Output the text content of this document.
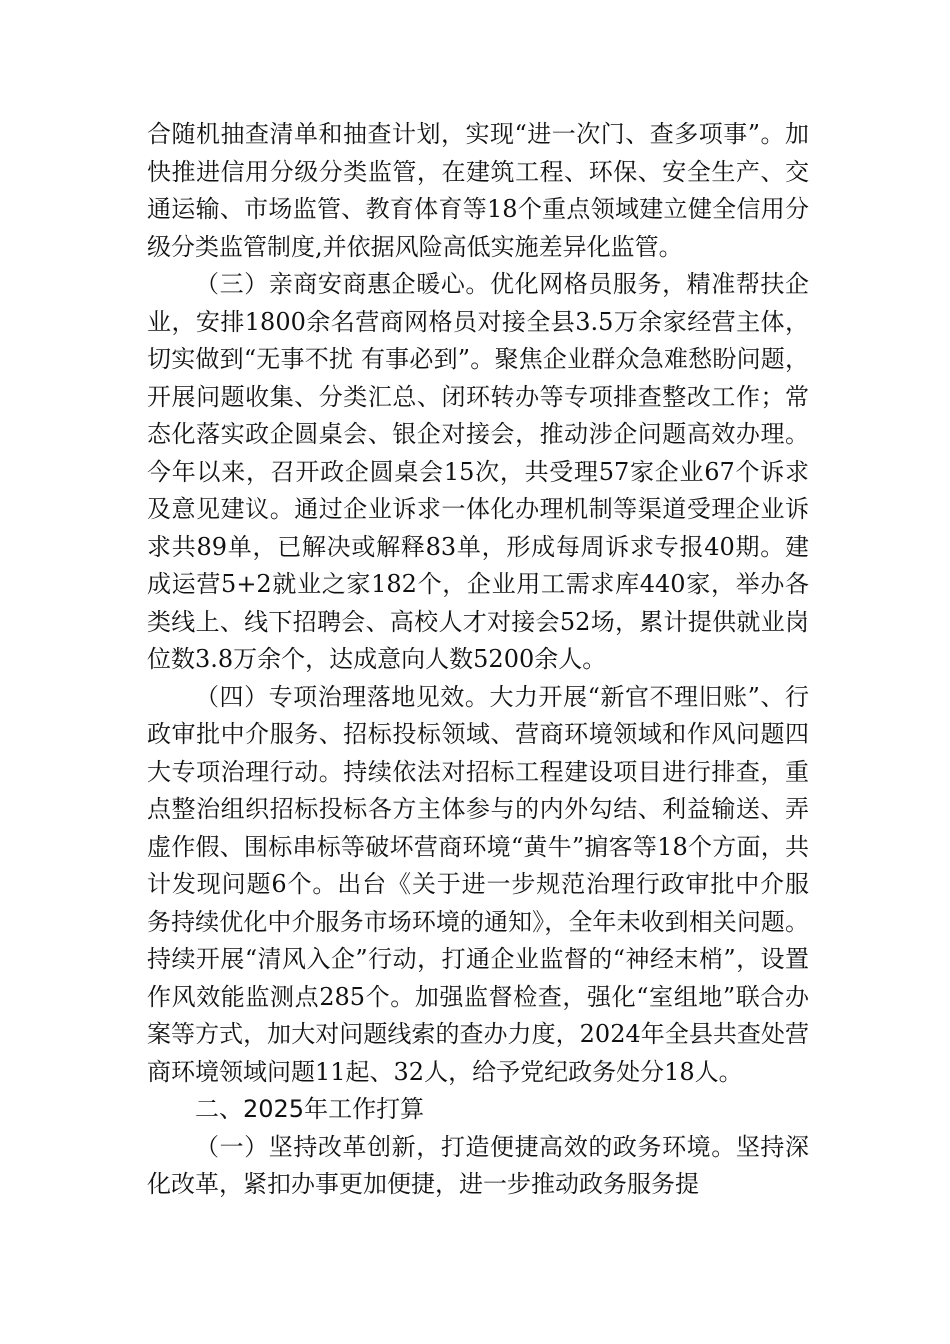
合随机抽查清单和抽查计划，实现“进一次门、查多项事”。加快推进信用分级分类监管，在建筑工程、环保、安全生产、交通运输、市场监管、教育体育等18个重点领域建立健全信用分级分类监管制度,并依据风险高低实施差异化监管。

（三）亲商安商惠企暖心。优化网格员服务，精准帮扶企业，安排1800余名营商网格员对接全县3.5万余家经营主体，切实做到“无事不扰 有事必到”。聚焦企业群众急难愁盼问题，开展问题收集、分类汇总、闭环转办等专项排查整改工作；常态化落实政企圆桌会、银企对接会，推动涉企问题高效办理。今年以来，召开政企圆桌会15次，共受理57家企业67个诉求及意见建议。通过企业诉求一体化办理机制等渠道受理企业诉求共89单，已解决或解释83单，形成每周诉求专报40期。建成运营5+2就业之家182个，企业用工需求库440家，举办各类线上、线下招聘会、高校人才对接会52场，累计提供就业岗位数3.8万余个，达成意向人数5200余人。

（四）专项治理落地见效。大力开展“新官不理旧账”、行政审批中介服务、招标投标领域、营商环境领域和作风问题四大专项治理行动。持续依法对招标工程建设项目进行排查，重点整治组织招标投标各方主体参与的内外勾结、利益输送、弄虚作假、围标串标等破坏营商环境“黄牛”掮客等18个方面，共计发现问题6个。出台《关于进一步规范治理行政审批中介服务持续优化中介服务市场环境的通知》，全年未收到相关问题。持续开展“清风入企”行动，打通企业监督的“神经末梢”，设置作风效能监测点285个。加强监督检查，强化“室组地”联合办案等方式，加大对问题线索的查办力度，2024年全县共查处营商环境领域问题11起、32人，给予党纪政务处分18人。

二、2025年工作打算

（一）坚持改革创新，打造便捷高效的政务环境。坚持深化改革，紧扣办事更加便捷，进一步推动政务服务提
